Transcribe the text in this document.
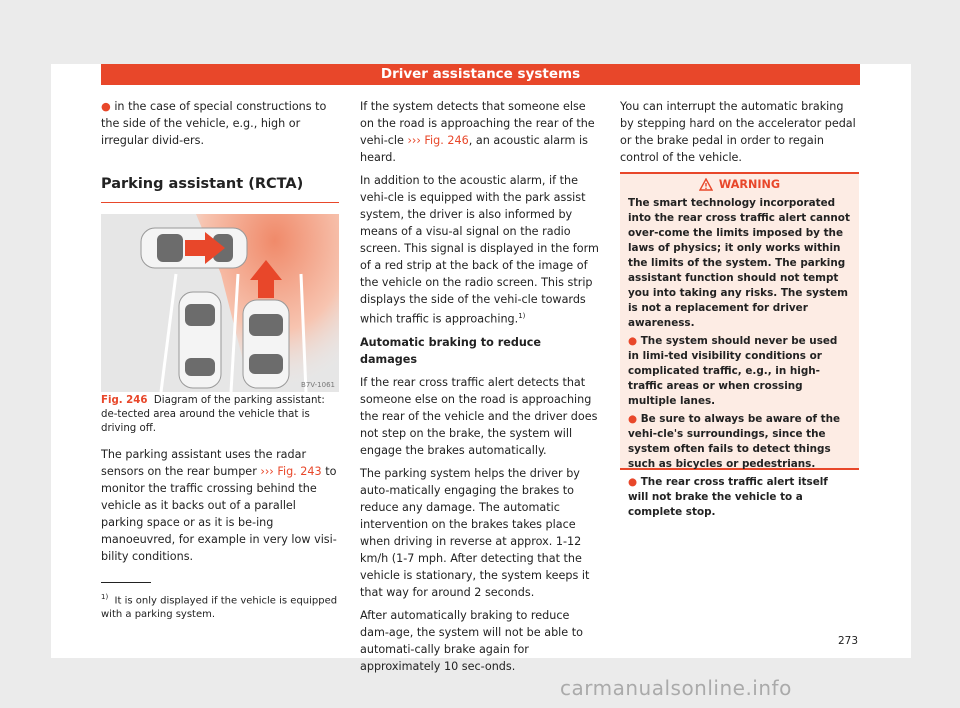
Driver assistance systems

● in the case of special constructions to the side of the vehicle, e.g., high or irregular divid-ers.

Parking assistant (RCTA)
B7V-1061
Fig. 246 Diagram of the parking assistant: de-tected area around the vehicle that is driving off.

The parking assistant uses the radar sensors on the rear bumper ››› Fig. 243 to monitor the traffic crossing behind the vehicle as it backs out of a parallel parking space or as it is be-ing manoeuvred, for example in very low visi-bility conditions.

If the system detects that someone else on the road is approaching the rear of the vehi-cle ››› Fig. 246, an acoustic alarm is heard.

In addition to the acoustic alarm, if the vehi-cle is equipped with the park assist system, the driver is also informed by means of a visu-al signal on the radio screen. This signal is displayed in the form of a red strip at the back of the image of the vehicle on the radio screen. This strip displays the side of the vehi-cle towards which traffic is approaching.$^{1)}$

Automatic braking to reduce damages

If the rear cross traffic alert detects that someone else on the road is approaching the rear of the vehicle and the driver does not step on the brake, the system will engage the brakes automatically.

The parking system helps the driver by auto-matically engaging the brakes to reduce any damage. The automatic intervention on the brakes takes place when driving in reverse at approx. 1-12 km/h (1-7 mph. After detecting that the vehicle is stationary, the system keeps it that way for around 2 seconds.

After automatically braking to reduce dam-age, the system will not be able to automati-cally brake again for approximately 10 sec-onds.

You can interrupt the automatic braking by stepping hard on the accelerator pedal or the brake pedal in order to regain control of the vehicle.

WARNING

The smart technology incorporated into the rear cross traffic alert cannot over-come the limits imposed by the laws of physics; it only works within the limits of the system. The parking assistant function should not tempt you into taking any risks. The system is not a replacement for driver awareness.

● The system should never be used in limi-ted visibility conditions or complicated traffic, e.g., in high-traffic areas or when crossing multiple lanes.

● Be sure to always be aware of the vehi-cle's surroundings, since the system often fails to detect things such as bicycles or pedestrians.

● The rear cross traffic alert itself will not brake the vehicle to a complete stop.

$^{1)}$ It is only displayed if the vehicle is equipped with a parking system.
273
carmanualsonline.info
